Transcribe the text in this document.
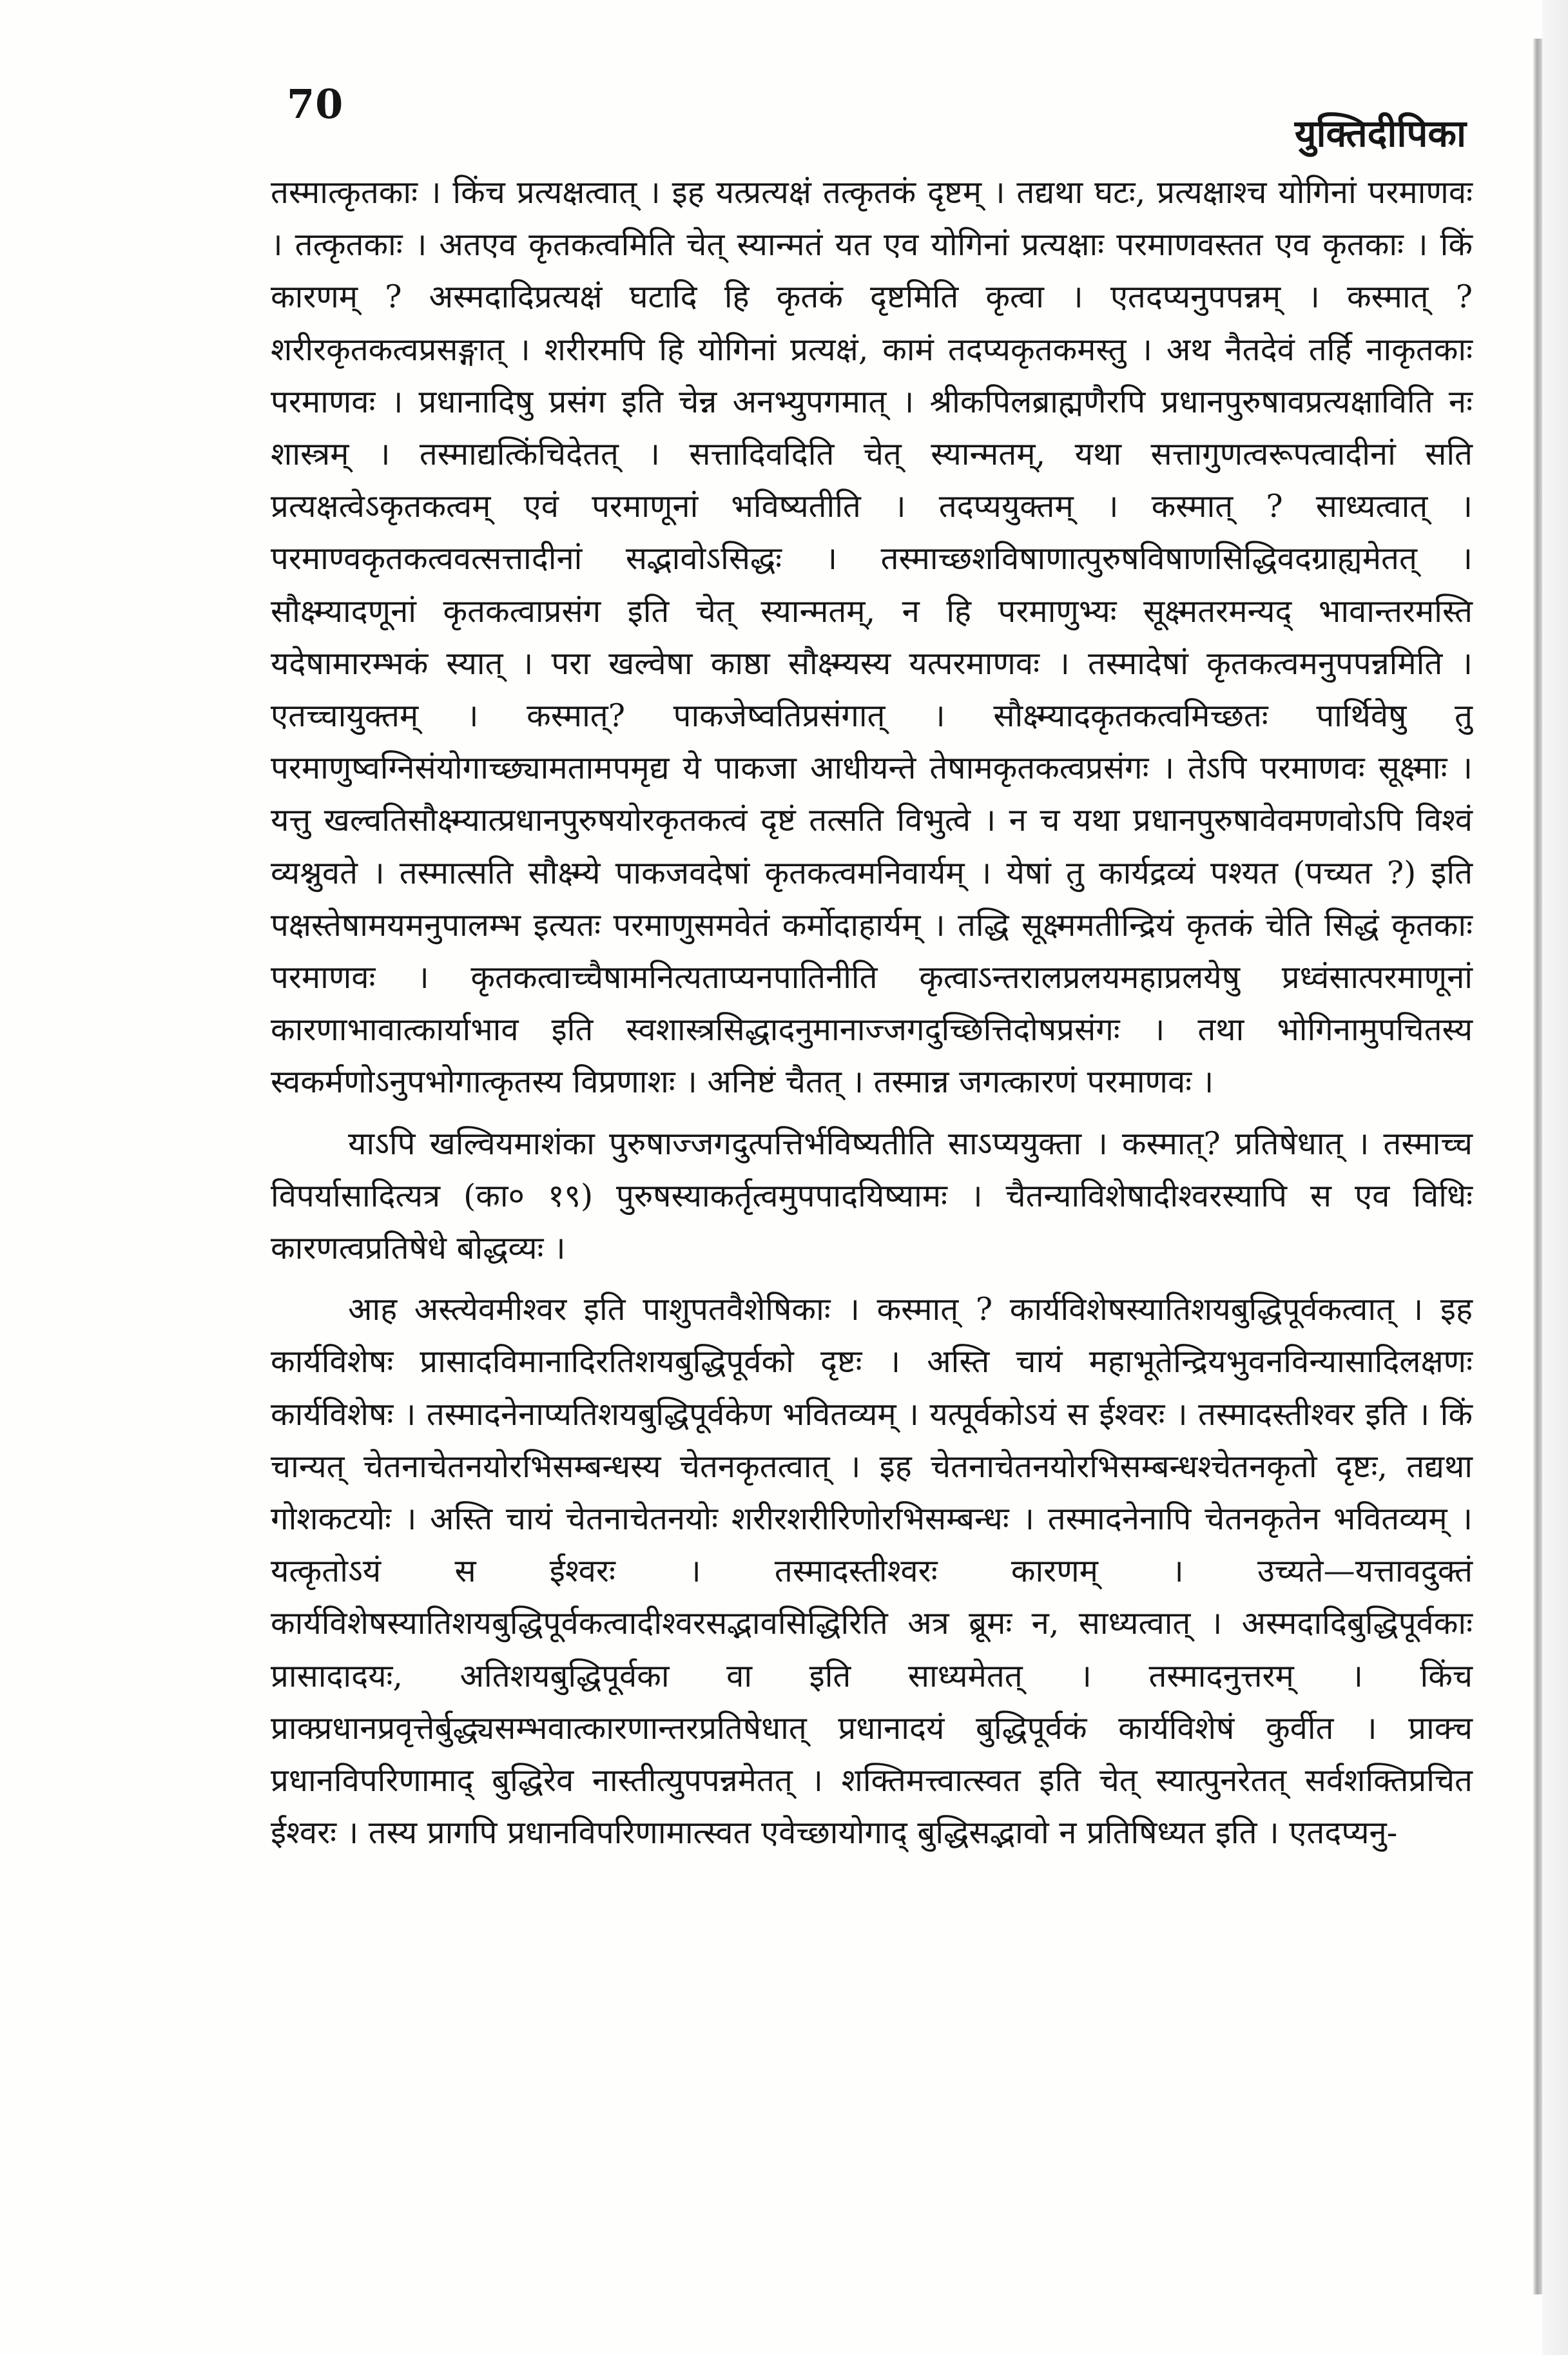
70
युक्तिदीपिका

तस्मात्कृतकाः । किंच प्रत्यक्षत्वात् । इह यत्प्रत्यक्षं तत्कृतकं दृष्टम् । तद्यथा घटः, प्रत्यक्षाश्च योगिनां परमाणवः । तत्कृतकाः । अतएव कृतकत्वमिति चेत् स्यान्मतं यत एव योगिनां प्रत्यक्षाः परमाणवस्तत एव कृतकाः । किं कारणम् ? अस्मदादिप्रत्यक्षं घटादि हि कृतकं दृष्टमिति कृत्वा । एतदप्यनुपपन्नम् । कस्मात् ? शरीरकृतकत्वप्रसङ्गात् । शरीरमपि हि योगिनां प्रत्यक्षं, कामं तदप्यकृतकमस्तु । अथ नैतदेवं तर्हि नाकृतकाः परमाणवः । प्रधानादिषु प्रसंग इति चेन्न अनभ्युपगमात् । श्रीकपिलब्राह्मणैरपि प्रधानपुरुषावप्रत्यक्षाविति नः शास्त्रम् । तस्माद्यत्किंचिदेतत् । सत्तादिवदिति चेत् स्यान्मतम्, यथा सत्तागुणत्वरूपत्वादीनां सति प्रत्यक्षत्वेऽकृतकत्वम् एवं परमाणूनां भविष्यतीति । तदप्ययुक्तम् । कस्मात् ? साध्यत्वात् । परमाण्वकृतकत्ववत्सत्तादीनां सद्भावोऽसिद्धः । तस्माच्छशविषाणात्पुरुषविषाणसिद्धिवदग्राह्यमेतत् । सौक्ष्म्यादणूनां कृतकत्वाप्रसंग इति चेत् स्यान्मतम्, न हि परमाणुभ्यः सूक्ष्मतरमन्यद् भावान्तरमस्ति यदेषामारम्भकं स्यात् । परा खल्वेषा काष्ठा सौक्ष्म्यस्य यत्परमाणवः । तस्मादेषां कृतकत्वमनुपपन्नमिति । एतच्चायुक्तम् । कस्मात्? पाकजेष्वतिप्रसंगात् । सौक्ष्म्यादकृतकत्वमिच्छतः पार्थिवेषु तु परमाणुष्वग्निसंयोगाच्छ्यामतामपमृद्य ये पाकजा आधीयन्ते तेषामकृतकत्वप्रसंगः । तेऽपि परमाणवः सूक्ष्माः । यत्तु खल्वतिसौक्ष्म्यात्प्रधानपुरुषयोरकृतकत्वं दृष्टं तत्सति विभुत्वे । न च यथा प्रधानपुरुषावेवमणवोऽपि विश्वं व्यश्नुवते । तस्मात्सति सौक्ष्म्ये पाकजवदेषां कृतकत्वमनिवार्यम् । येषां तु कार्यद्रव्यं पश्यत (पच्यत ?) इति पक्षस्तेषामयमनुपालम्भ इत्यतः परमाणुसमवेतं कर्मोदाहार्यम् । तद्धि सूक्ष्ममतीन्द्रियं कृतकं चेति सिद्धं कृतकाः परमाणवः । कृतकत्वाच्चैषामनित्यताप्यनपातिनीति कृत्वाऽन्तरालप्रलयमहाप्रलयेषु प्रध्वंसात्परमाणूनां कारणाभावात्कार्याभाव इति स्वशास्त्रसिद्धादनुमानाज्जगदुच्छित्तिदोषप्रसंगः । तथा भोगिनामुपचितस्य स्वकर्मणोऽनुपभोगात्कृतस्य विप्रणाशः । अनिष्टं चैतत् । तस्मान्न जगत्कारणं परमाणवः ।

याऽपि खल्वियमाशंका पुरुषाज्जगदुत्पत्तिर्भविष्यतीति साऽप्ययुक्ता । कस्मात्? प्रतिषेधात् । तस्माच्च विपर्यासादित्यत्र (का० १९) पुरुषस्याकर्तृत्वमुपपादयिष्यामः । चैतन्याविशेषादीश्वरस्यापि स एव विधिः कारणत्वप्रतिषेधे बोद्धव्यः ।

आह अस्त्येवमीश्वर इति पाशुपतवैशेषिकाः । कस्मात् ? कार्यविशेषस्यातिशयबुद्धिपूर्वकत्वात् । इह कार्यविशेषः प्रासादविमानादिरतिशयबुद्धिपूर्वको दृष्टः । अस्ति चायं महाभूतेन्द्रियभुवनविन्यासादिलक्षणः कार्यविशेषः । तस्मादनेनाप्यतिशयबुद्धिपूर्वकेण भवितव्यम् । यत्पूर्वकोऽयं स ईश्वरः । तस्मादस्तीश्वर इति । किं चान्यत् चेतनाचेतनयोरभिसम्बन्धस्य चेतनकृतत्वात् । इह चेतनाचेतनयोरभिसम्बन्धश्चेतनकृतो दृष्टः, तद्यथा गोशकटयोः । अस्ति चायं चेतनाचेतनयोः शरीरशरीरिणोरभिसम्बन्धः । तस्मादनेनापि चेतनकृतेन भवितव्यम् । यत्कृतोऽयं स ईश्वरः । तस्मादस्तीश्वरः कारणम् । उच्यते—यत्तावदुक्तं कार्यविशेषस्यातिशयबुद्धिपूर्वकत्वादीश्वरसद्भावसिद्धिरिति अत्र ब्रूमः न, साध्यत्वात् । अस्मदादिबुद्धिपूर्वकाः प्रासादादयः, अतिशयबुद्धिपूर्वका वा इति साध्यमेतत् । तस्मादनुत्तरम् । किंच प्राक्प्रधानप्रवृत्तेर्बुद्ध्यसम्भवात्कारणान्तरप्रतिषेधात् प्रधानादयं बुद्धिपूर्वकं कार्यविशेषं कुर्वीत । प्राक्च प्रधानविपरिणामाद् बुद्धिरेव नास्तीत्युपपन्नमेतत् । शक्तिमत्त्वात्स्वत इति चेत् स्यात्पुनरेतत् सर्वशक्तिप्रचित ईश्वरः । तस्य प्रागपि प्रधानविपरिणामात्स्वत एवेच्छायोगाद् बुद्धिसद्भावो न प्रतिषिध्यत इति । एतदप्यनु-
